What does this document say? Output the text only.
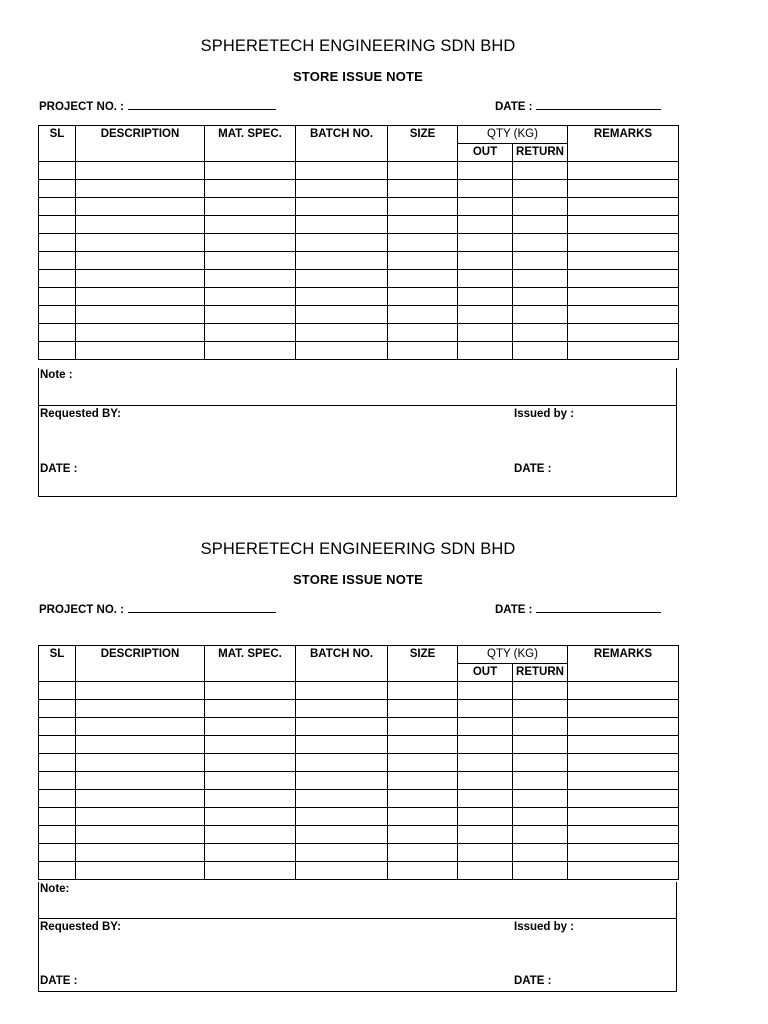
SPHERETECH ENGINEERING SDN BHD
STORE ISSUE NOTE
PROJECT NO. :	DATE :
SL	DESCRIPTION	MAT. SPEC.	BATCH NO.	SIZE	QTY (KG)		REMARKS
					OUT	RETURN	

Note :
Requested BY:	Issued by :
DATE :	DATE :
SPHERETECH ENGINEERING SDN BHD
STORE ISSUE NOTE
PROJECT NO. :	DATE :
SL	DESCRIPTION	MAT. SPEC.	BATCH NO.	SIZE	QTY (KG)		REMARKS
					OUT	RETURN	

Note:
Requested BY:	Issued by :
DATE :	DATE :
